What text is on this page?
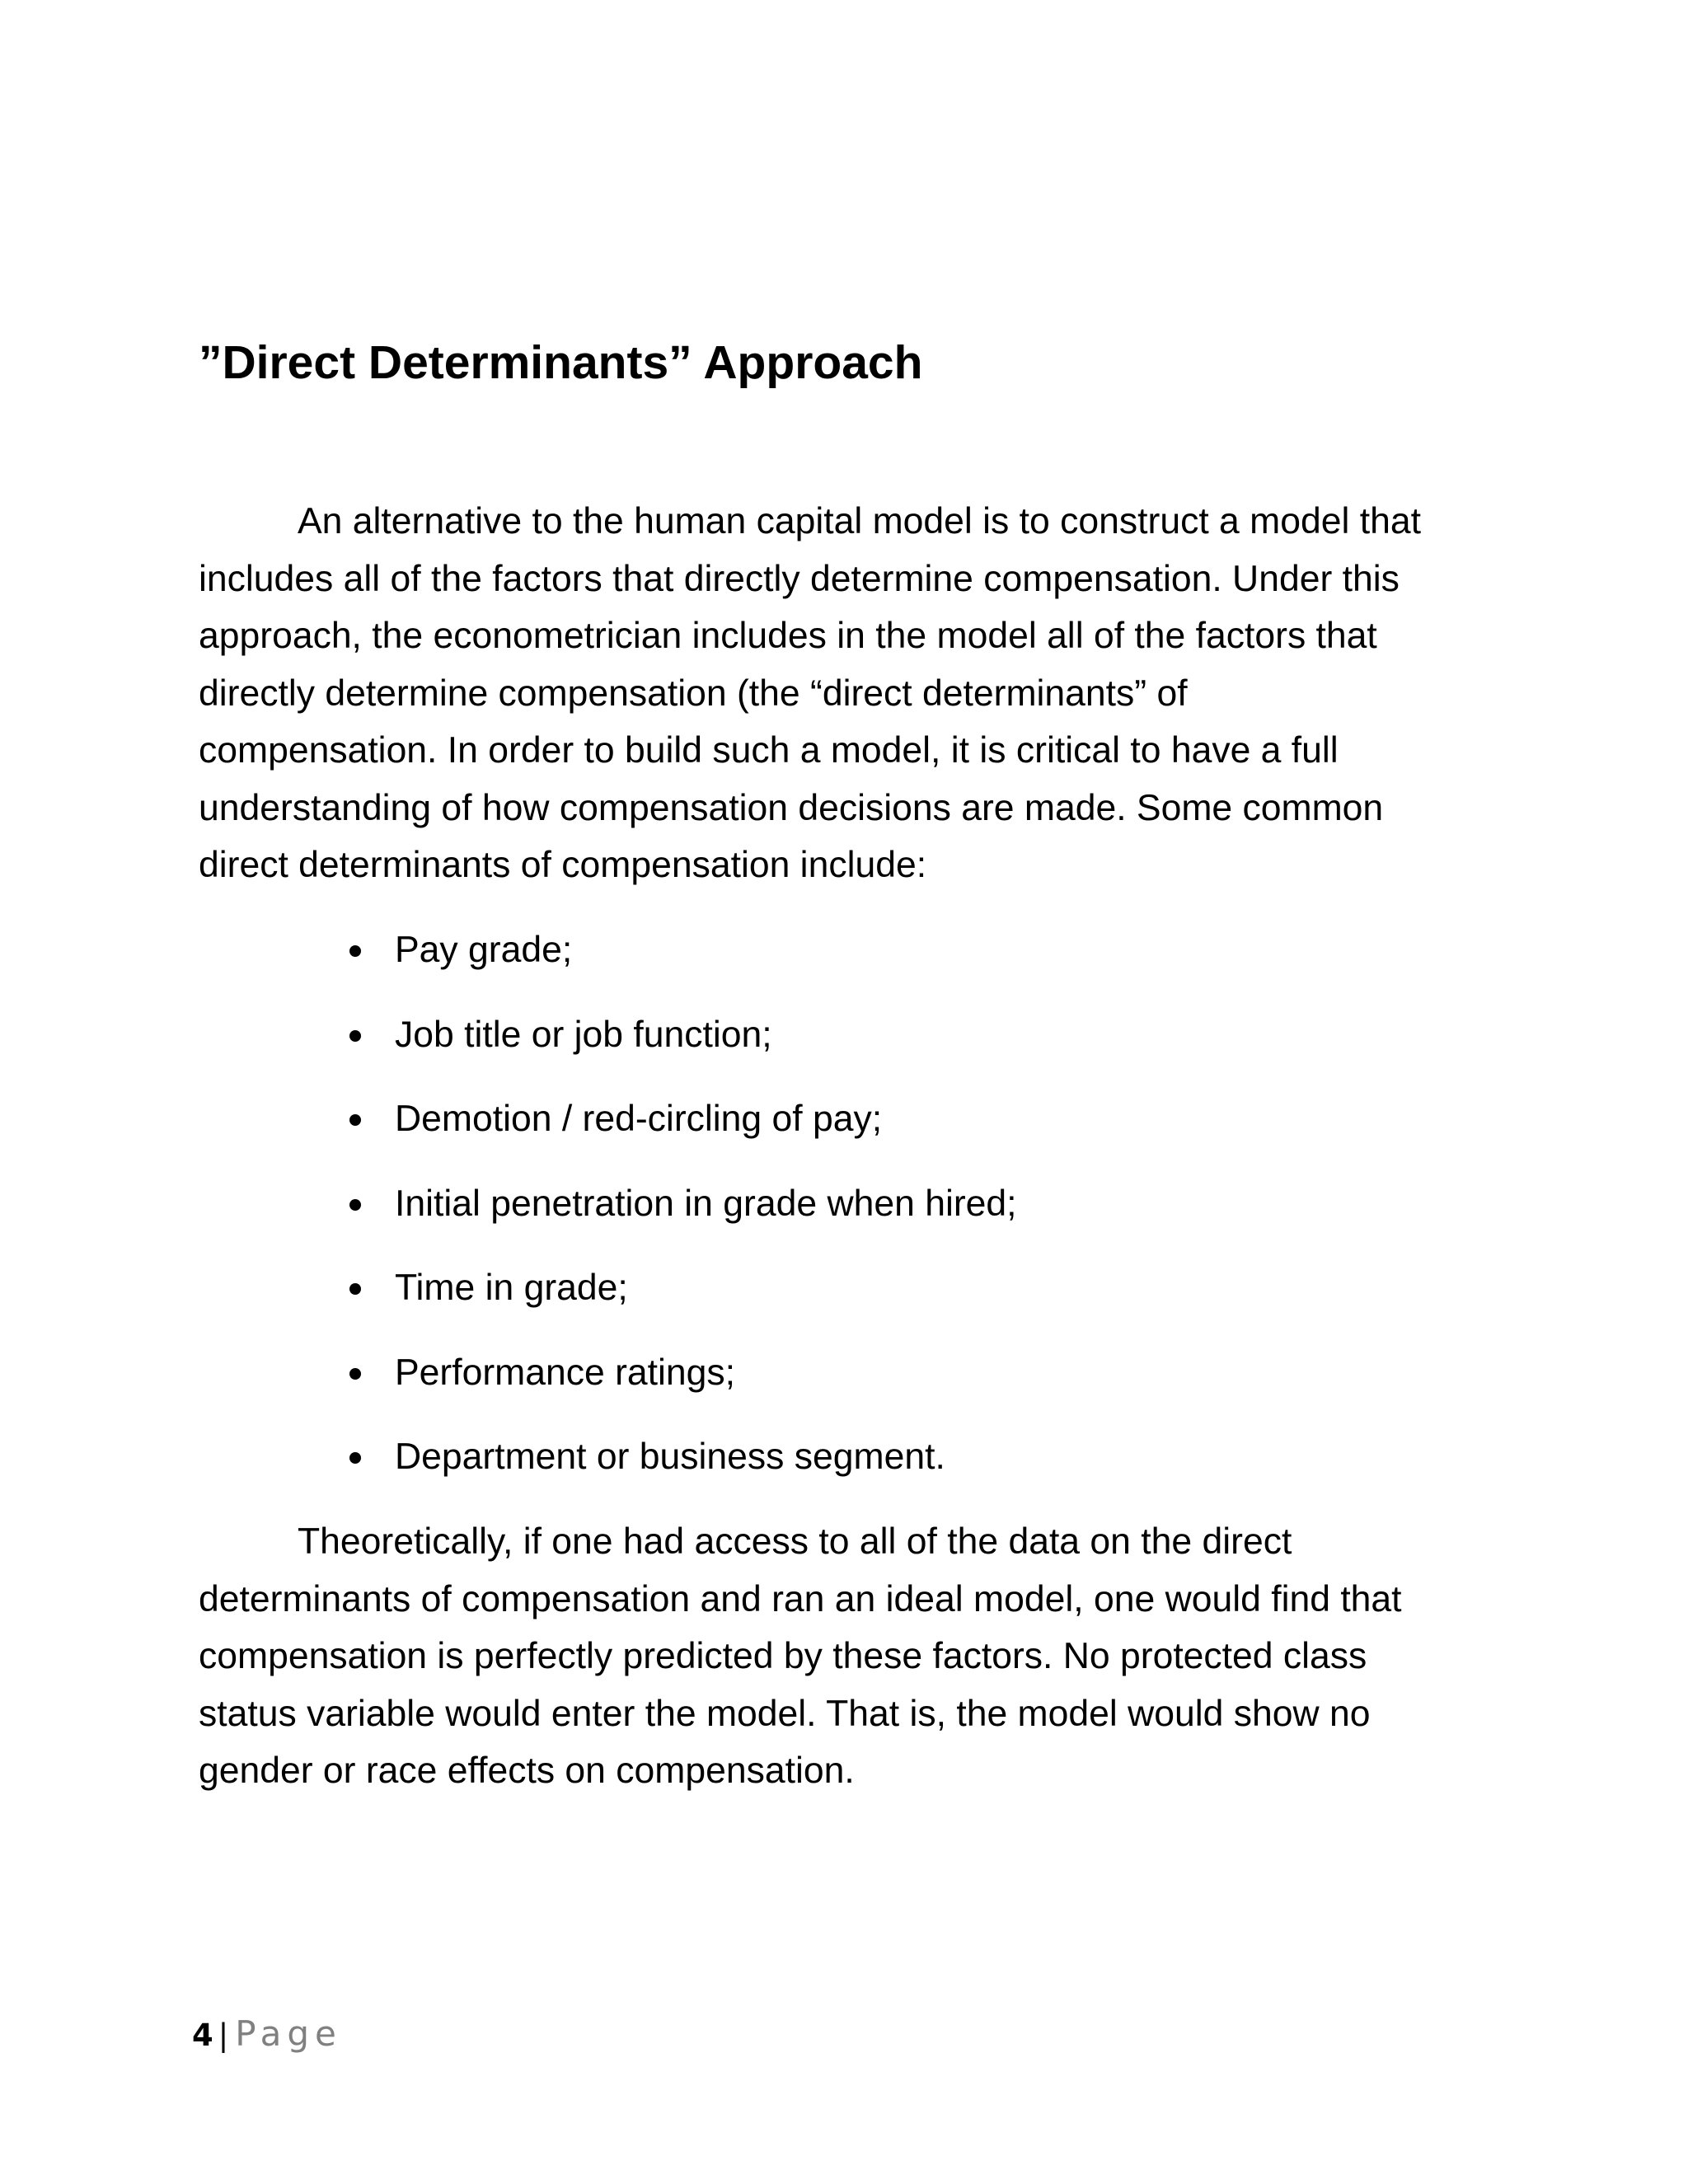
”Direct Determinants” Approach

An alternative to the human capital model is to construct a model that
includes all of the factors that directly determine compensation. Under this
approach, the econometrician includes in the model all of the factors that
directly determine compensation (the “direct determinants” of
compensation. In order to build such a model, it is critical to have a full
understanding of how compensation decisions are made. Some common
direct determinants of compensation include:

Pay grade;
Job title or job function;
Demotion / red-circling of pay;
Initial penetration in grade when hired;
Time in grade;
Performance ratings;
Department or business segment.

Theoretically, if one had access to all of the data on the direct
determinants of compensation and ran an ideal model, one would find that
compensation is perfectly predicted by these factors. No protected class
status variable would enter the model. That is, the model would show no
gender or race effects on compensation.

4 | Page
